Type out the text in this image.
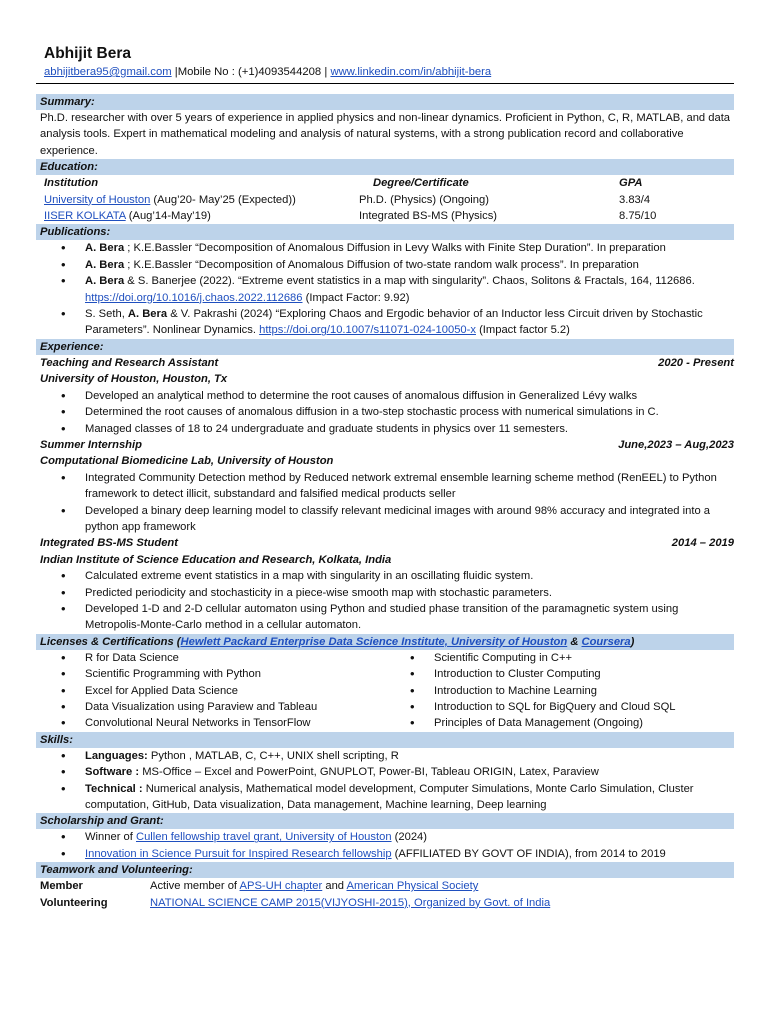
Abhijit Bera
abhijitbera95@gmail.com |Mobile No : (+1)4093544208 | www.linkedin.com/in/abhijit-bera
Summary:
Ph.D. researcher with over 5 years of experience in applied physics and non-linear dynamics. Proficient in Python, C, R, MATLAB, and data analysis tools. Expert in mathematical modeling and analysis of natural systems, with a strong publication record and collaborative experience.
Education:
Institution	Degree/Certificate	GPA
University of Houston (Aug’20- May’25 (Expected))	Ph.D. (Physics) (Ongoing)	3.83/4
IISER KOLKATA (Aug’14-May’19)	Integrated BS-MS (Physics)	8.75/10
Publications:
• A. Bera ; K.E.Bassler “Decomposition of Anomalous Diffusion in Levy Walks with Finite Step Duration”. In preparation
• A. Bera ; K.E.Bassler “Decomposition of Anomalous Diffusion of two-state random walk process”. In preparation
• A. Bera & S. Banerjee (2022). “Extreme event statistics in a map with singularity”. Chaos, Solitons & Fractals, 164, 112686. https://doi.org/10.1016/j.chaos.2022.112686 (Impact Factor: 9.92)
• S. Seth, A. Bera & V. Pakrashi (2024) “Exploring Chaos and Ergodic behavior of an Inductor less Circuit driven by Stochastic Parameters”. Nonlinear Dynamics. https://doi.org/10.1007/s11071-024-10050-x (Impact factor 5.2)
Experience:
Teaching and Research Assistant	2020 - Present
University of Houston, Houston, Tx
• Developed an analytical method to determine the root causes of anomalous diffusion in Generalized Lévy walks
• Determined the root causes of anomalous diffusion in a two-step stochastic process with numerical simulations in C.
• Managed classes of 18 to 24 undergraduate and graduate students in physics over 11 semesters.
Summer Internship	June,2023 – Aug,2023
Computational Biomedicine Lab, University of Houston
• Integrated Community Detection method by Reduced network extremal ensemble learning scheme method (RenEEL) to Python framework to detect illicit, substandard and falsified medical products seller
• Developed a binary deep learning model to classify relevant medicinal images with around 98% accuracy and integrated into a python app framework
Integrated BS-MS Student	2014 – 2019
Indian Institute of Science Education and Research, Kolkata, India
• Calculated extreme event statistics in a map with singularity in an oscillating fluidic system.
• Predicted periodicity and stochasticity in a piece-wise smooth map with stochastic parameters.
• Developed 1-D and 2-D cellular automaton using Python and studied phase transition of the paramagnetic system using Metropolis-Monte-Carlo method in a cellular automaton.
Licenses & Certifications (Hewlett Packard Enterprise Data Science Institute, University of Houston & Coursera)
• R for Data Science
• Scientific Programming with Python
• Excel for Applied Data Science
• Data Visualization using Paraview and Tableau
• Convolutional Neural Networks in TensorFlow
• Scientific Computing in C++
• Introduction to Cluster Computing
• Introduction to Machine Learning
• Introduction to SQL for BigQuery and Cloud SQL
• Principles of Data Management (Ongoing)
Skills:
• Languages: Python , MATLAB, C, C++, UNIX shell scripting, R
• Software : MS-Office – Excel and PowerPoint, GNUPLOT, Power-BI, Tableau ORIGIN, Latex, Paraview
• Technical : Numerical analysis, Mathematical model development, Computer Simulations, Monte Carlo Simulation, Cluster computation, GitHub, Data visualization, Data management, Machine learning, Deep learning
Scholarship and Grant:
• Winner of Cullen fellowship travel grant, University of Houston (2024)
• Innovation in Science Pursuit for Inspired Research fellowship (AFFILIATED BY GOVT OF INDIA), from 2014 to 2019
Teamwork and Volunteering:
Member	Active member of APS-UH chapter and American Physical Society
Volunteering	NATIONAL SCIENCE CAMP 2015(VIJYOSHI-2015), Organized by Govt. of India
